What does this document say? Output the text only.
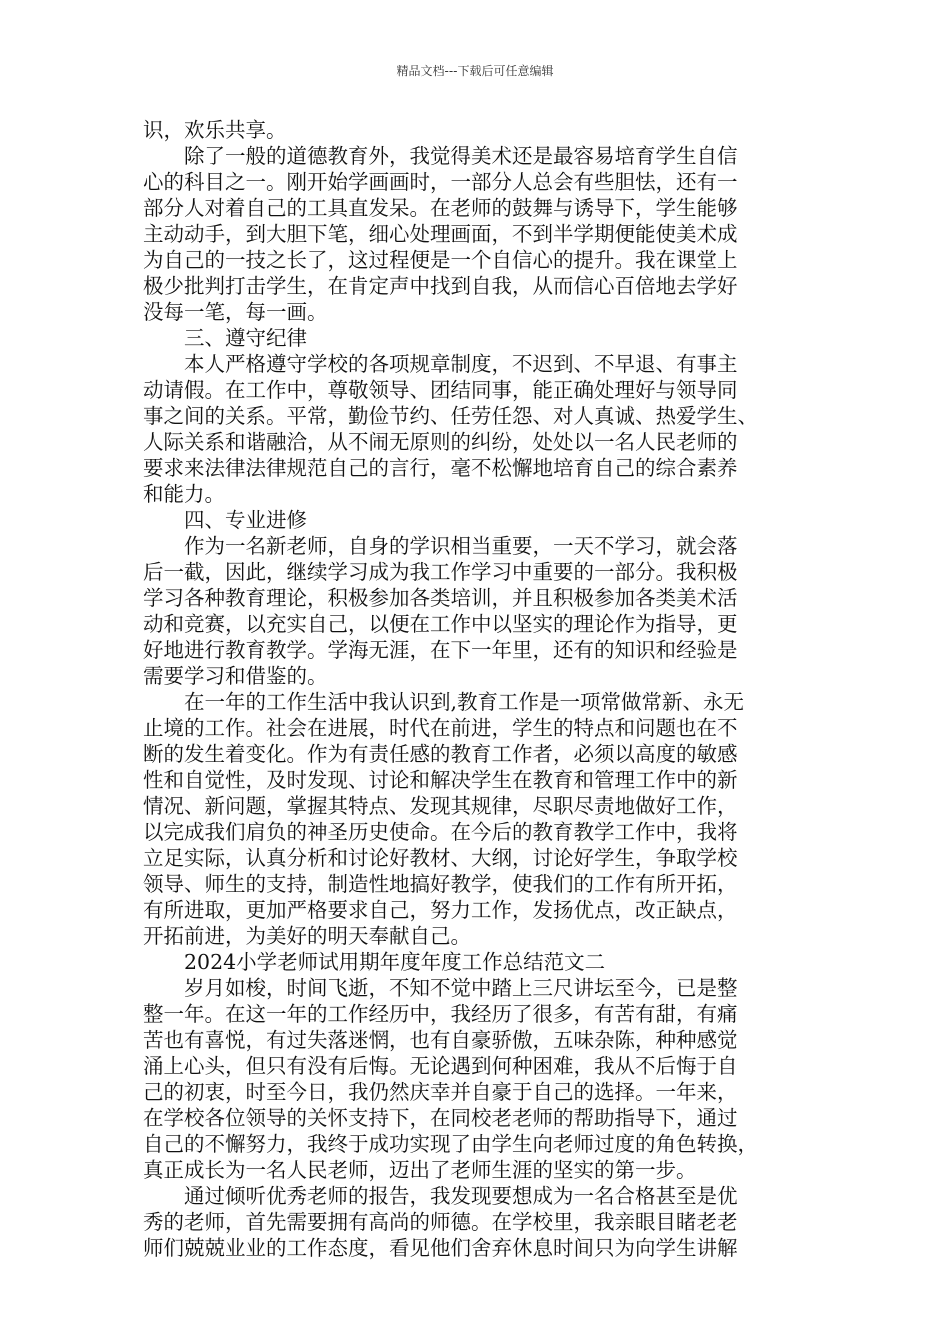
精品文档---下载后可任意编辑
识，欢乐共享。
除了一般的道德教育外，我觉得美术还是最容易培育学生自信
心的科目之一。刚开始学画画时，一部分人总会有些胆怯，还有一
部分人对着自己的工具直发呆。在老师的鼓舞与诱导下，学生能够
主动动手，到大胆下笔，细心处理画面，不到半学期便能使美术成
为自己的一技之长了，这过程便是一个自信心的提升。我在课堂上
极少批判打击学生，在肯定声中找到自我，从而信心百倍地去学好
没每一笔，每一画。
三、遵守纪律
本人严格遵守学校的各项规章制度，不迟到、不早退、有事主
动请假。在工作中，尊敬领导、团结同事，能正确处理好与领导同
事之间的关系。平常，勤俭节约、任劳任怨、对人真诚、热爱学生、
人际关系和谐融洽，从不闹无原则的纠纷，处处以一名人民老师的
要求来法律法律规范自己的言行，毫不松懈地培育自己的综合素养
和能力。
四、专业进修
作为一名新老师，自身的学识相当重要，一天不学习，就会落
后一截，因此，继续学习成为我工作学习中重要的一部分。我积极
学习各种教育理论，积极参加各类培训，并且积极参加各类美术活
动和竞赛，以充实自己，以便在工作中以坚实的理论作为指导，更
好地进行教育教学。学海无涯，在下一年里，还有的知识和经验是
需要学习和借鉴的。
在一年的工作生活中我认识到,教育工作是一项常做常新、永无
止境的工作。社会在进展，时代在前进，学生的特点和问题也在不
断的发生着变化。作为有责任感的教育工作者，必须以高度的敏感
性和自觉性，及时发现、讨论和解决学生在教育和管理工作中的新
情况、新问题，掌握其特点、发现其规律，尽职尽责地做好工作，
以完成我们肩负的神圣历史使命。在今后的教育教学工作中，我将
立足实际，认真分析和讨论好教材、大纲，讨论好学生，争取学校
领导、师生的支持，制造性地搞好教学，使我们的工作有所开拓，
有所进取，更加严格要求自己，努力工作，发扬优点，改正缺点，
开拓前进，为美好的明天奉献自己。
2024小学老师试用期年度年度工作总结范文二
岁月如梭，时间飞逝，不知不觉中踏上三尺讲坛至今，已是整
整一年。在这一年的工作经历中，我经历了很多，有苦有甜，有痛
苦也有喜悦，有过失落迷惘，也有自豪骄傲，五味杂陈，种种感觉
涌上心头，但只有没有后悔。无论遇到何种困难，我从不后悔于自
己的初衷，时至今日，我仍然庆幸并自豪于自己的选择。一年来，
在学校各位领导的关怀支持下，在同校老老师的帮助指导下，通过
自己的不懈努力，我终于成功实现了由学生向老师过度的角色转换，
真正成长为一名人民老师，迈出了老师生涯的坚实的第一步。
通过倾听优秀老师的报告，我发现要想成为一名合格甚至是优
秀的老师，首先需要拥有高尚的师德。在学校里，我亲眼目睹老老
师们兢兢业业的工作态度，看见他们舍弃休息时间只为向学生讲解
